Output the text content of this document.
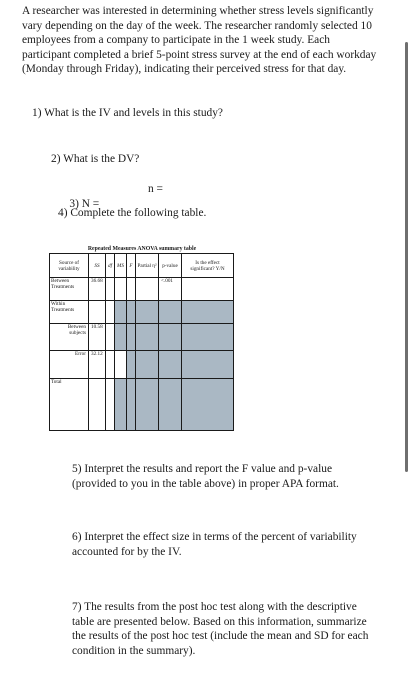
A researcher was interested in determining whether stress levels significantly vary depending on the day of the week. The researcher randomly selected 10 employees from a company to participate in the 1 week study. Each participant completed a brief 5-point stress survey at the end of each workday (Monday through Friday), indicating their perceived stress for that day.

1) What is the IV and levels in this study?

2) What is the DV?

3) N =

n =

4) Complete the following table.

Repeated Measures ANOVA summary table
Source of variability	SS	df	MS	F	Partial η²	p-value	Is the effect significant? Y/N
Between Treatments	36.68					<.001	
Within Treatments							
Between subjects	10.58						
Error	32.12						
Total							

5) Interpret the results and report the F value and p-value (provided to you in the table above) in proper APA format.

6) Interpret the effect size in terms of the percent of variability accounted for by the IV.

7) The results from the post hoc test along with the descriptive table are presented below. Based on this information, summarize the results of the post hoc test (include the mean and SD for each condition in the summary).
